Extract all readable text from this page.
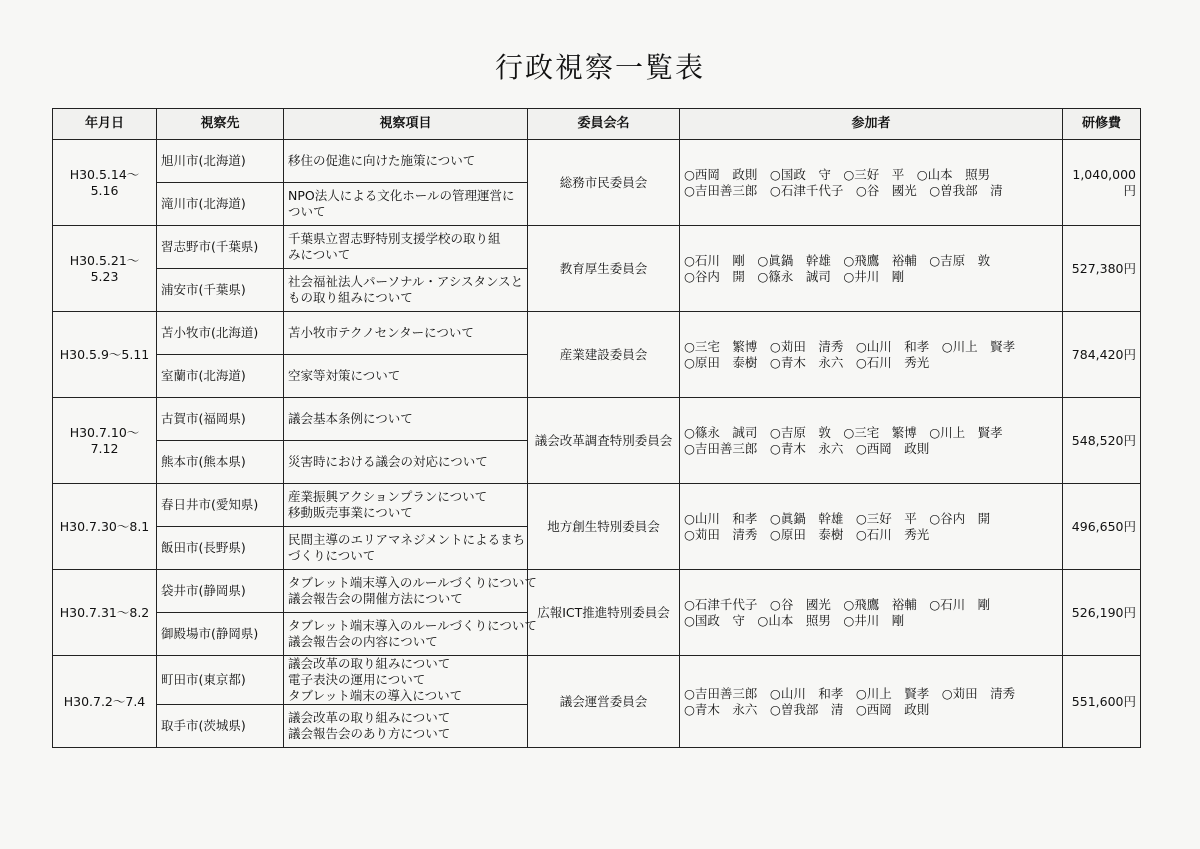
行政視察一覧表
年月日	視察先	視察項目	委員会名	参加者	研修費
H30.5.14～5.16	旭川市(北海道)	移住の促進に向けた施策について	総務市民委員会	○西岡　政則　○国政　守　○三好　平　○山本　照男
○吉田善三郎　○石津千代子　○谷　國光　○曽我部　清	1,040,000円
	滝川市(北海道)	NPO法人による文化ホールの管理運営に
ついて			

H30.5.21～5.23	習志野市(千葉県)	千葉県立習志野特別支援学校の取り組
みについて	教育厚生委員会	○石川　剛　○眞鍋　幹雄　○飛鷹　裕輔　○吉原　敦
○谷内　開　○篠永　誠司　○井川　剛	527,380円
	浦安市(千葉県)	社会福祉法人パーソナル・アシスタンスと
もの取り組みについて			

H30.5.9～5.11	苫小牧市(北海道)	苫小牧市テクノセンターについて	産業建設委員会	○三宅　繁博　○苅田　清秀　○山川　和孝　○川上　賢孝
○原田　泰樹　○青木　永六　○石川　秀光	784,420円
	室蘭市(北海道)	空家等対策について			

H30.7.10～7.12	古賀市(福岡県)	議会基本条例について	議会改革調査特別委員会	○篠永　誠司　○吉原　敦　○三宅　繁博　○川上　賢孝
○吉田善三郎　○青木　永六　○西岡　政則	548,520円
	熊本市(熊本県)	災害時における議会の対応について			

H30.7.30～8.1	春日井市(愛知県)	産業振興アクションプランについて
移動販売事業について	地方創生特別委員会	○山川　和孝　○眞鍋　幹雄　○三好　平　○谷内　開
○苅田　清秀　○原田　泰樹　○石川　秀光	496,650円
	飯田市(長野県)	民間主導のエリアマネジメントによるまち
づくりについて			

H30.7.31～8.2	袋井市(静岡県)	タブレット端末導入のルールづくりについて
議会報告会の開催方法について	広報ICT推進特別委員会	○石津千代子　○谷　國光　○飛鷹　裕輔　○石川　剛
○国政　守　○山本　照男　○井川　剛	526,190円
	御殿場市(静岡県)	タブレット端末導入のルールづくりについて
議会報告会の内容について			

H30.7.2～7.4	町田市(東京都)	議会改革の取り組みについて
電子表決の運用について
タブレット端末の導入について	議会運営委員会	○吉田善三郎　○山川　和孝　○川上　賢孝　○苅田　清秀
○青木　永六　○曽我部　清　○西岡　政則	551,600円
	取手市(茨城県)	議会改革の取り組みについて
議会報告会のあり方について			
